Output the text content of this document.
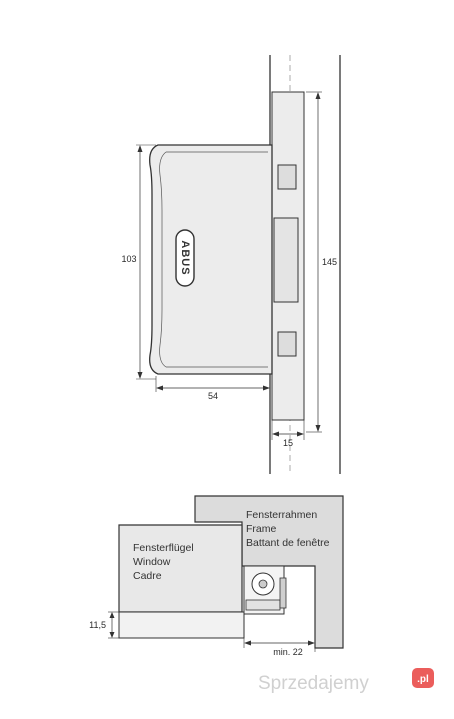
ABUS
103	145
54
15
Fensterflügel
Window
Cadre
Fensterrahmen
Frame
Battant de fenêtre
11,5
min. 22
Sprzedajemy	.pl
